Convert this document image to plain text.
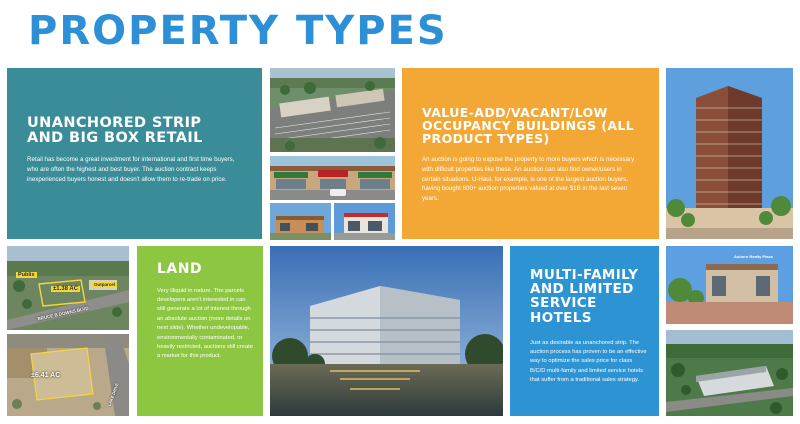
PROPERTY TYPES
UNANCHORED STRIP AND BIG BOX RETAIL

Retail has become a great investment for international and first time buyers, who are often the highest and best buyer. The auction contract keeps inexperienced buyers honest and doesn't allow them to re-trade on price.

VALUE-ADD/VACANT/LOW OCCUPANCY BUILDINGS (ALL PRODUCT TYPES)

An auction is going to expose the property to more buyers which is necessary with difficult properties like these. An auction can also find owner/users in certain situations. U-Haul, for example, is one of the largest auction buyers, having bought 600+ auction properties valued at over $1B in the last seven years.

Publix
±1.38 AC
Outparcel
BRUCE B DOWNS BLVD
±6.41 AC
LAKE DRIVE
LAND

Very illiquid in nature. The parcels developers aren't interested in can still generate a lot of interest through an absolute auction (more details on next slide). Whether undevelopable, environmentally contaminated, or heavily restricted, auctions still create a market for this product.

MULTI-FAMILY AND LIMITED SERVICE HOTELS

Just as desirable as unanchored strip. The auction process has proven to be an effective way to optimize the sales price for class B/C/D multi-family and limited service hotels that suffer from a traditional sales strategy.

Auburn Realty Plaza
